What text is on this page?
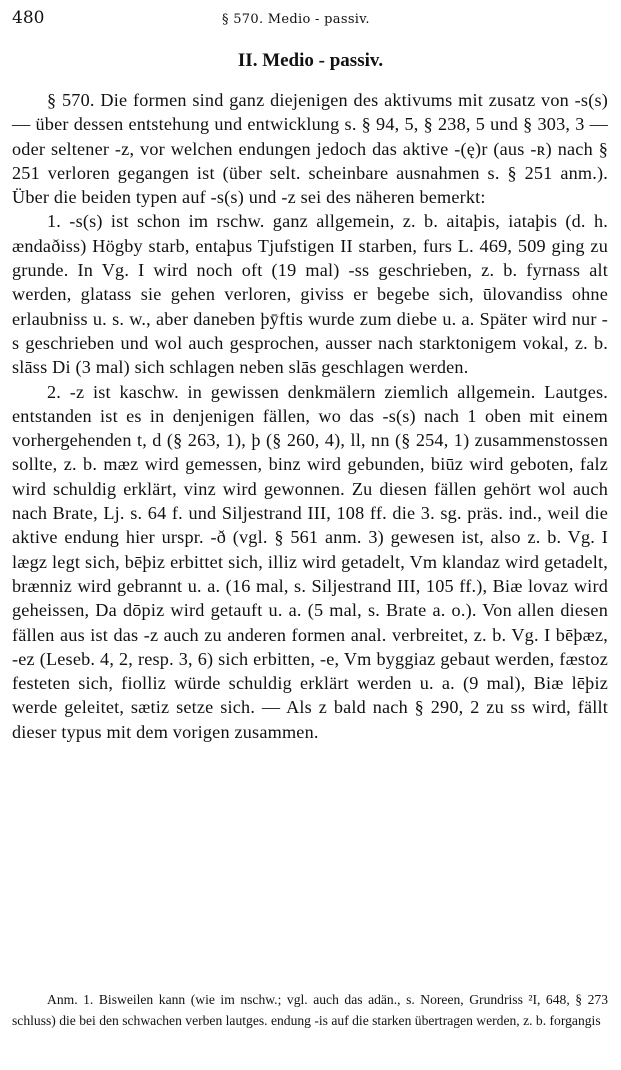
480	§ 570. Medio - passiv.
II. Medio - passiv.

§ 570. Die formen sind ganz diejenigen des aktivums mit zusatz von -s(s) — über dessen entstehung und entwicklung s. § 94, 5, § 238, 5 und § 303, 3 — oder seltener -z, vor welchen endungen jedoch das aktive -(ę)r (aus -ʀ) nach § 251 verloren gegangen ist (über selt. scheinbare ausnahmen s. § 251 anm.). Über die beiden typen auf -s(s) und -z sei des näheren bemerkt:

1. -s(s) ist schon im rschw. ganz allgemein, z. b. aitaþis, iataþis (d. h. ændaðiss) Högby starb, entaþus Tjufstigen II starben, furs L. 469, 509 ging zu grunde. In Vg. I wird noch oft (19 mal) -ss geschrieben, z. b. fyrnass alt werden, glatass sie gehen verloren, giviss er begebe sich, ūlovandiss ohne erlaubniss u. s. w., aber daneben þȳftis wurde zum diebe u. a. Später wird nur -s geschrieben und wol auch gesprochen, ausser nach starktonigem vokal, z. b. slāss Di (3 mal) sich schlagen neben slās geschlagen werden.

2. -z ist kaschw. in gewissen denkmälern ziemlich allgemein. Lautges. entstanden ist es in denjenigen fällen, wo das -s(s) nach 1 oben mit einem vorhergehenden t, d (§ 263, 1), þ (§ 260, 4), ll, nn (§ 254, 1) zusammenstossen sollte, z. b. mæz wird gemessen, binz wird gebunden, biūz wird geboten, falz wird schuldig erklärt, vinz wird gewonnen. Zu diesen fällen gehört wol auch nach Brate, Lj. s. 64 f. und Siljestrand III, 108 ff. die 3. sg. präs. ind., weil die aktive endung hier urspr. -ð (vgl. § 561 anm. 3) gewesen ist, also z. b. Vg. I lægz legt sich, bēþiz erbittet sich, illiz wird getadelt, Vm klandaz wird getadelt, brænniz wird gebrannt u. a. (16 mal, s. Siljestrand III, 105 ff.), Biæ lovaz wird geheissen, Da dōpiz wird getauft u. a. (5 mal, s. Brate a. o.). Von allen diesen fällen aus ist das -z auch zu anderen formen anal. verbreitet, z. b. Vg. I bēþæz, -ez (Leseb. 4, 2, resp. 3, 6) sich erbitten, -e, Vm byggiaz gebaut werden, fæstoz festeten sich, fiolliz würde schuldig erklärt werden u. a. (9 mal), Biæ lēþiz werde geleitet, sætiz setze sich. — Als z bald nach § 290, 2 zu ss wird, fällt dieser typus mit dem vorigen zusammen.

Anm. 1. Bisweilen kann (wie im nschw.; vgl. auch das adän., s. Noreen, Grundriss ²I, 648, § 273 schluss) die bei den schwachen verben lautges. endung -is auf die starken übertragen werden, z. b. forgangis
